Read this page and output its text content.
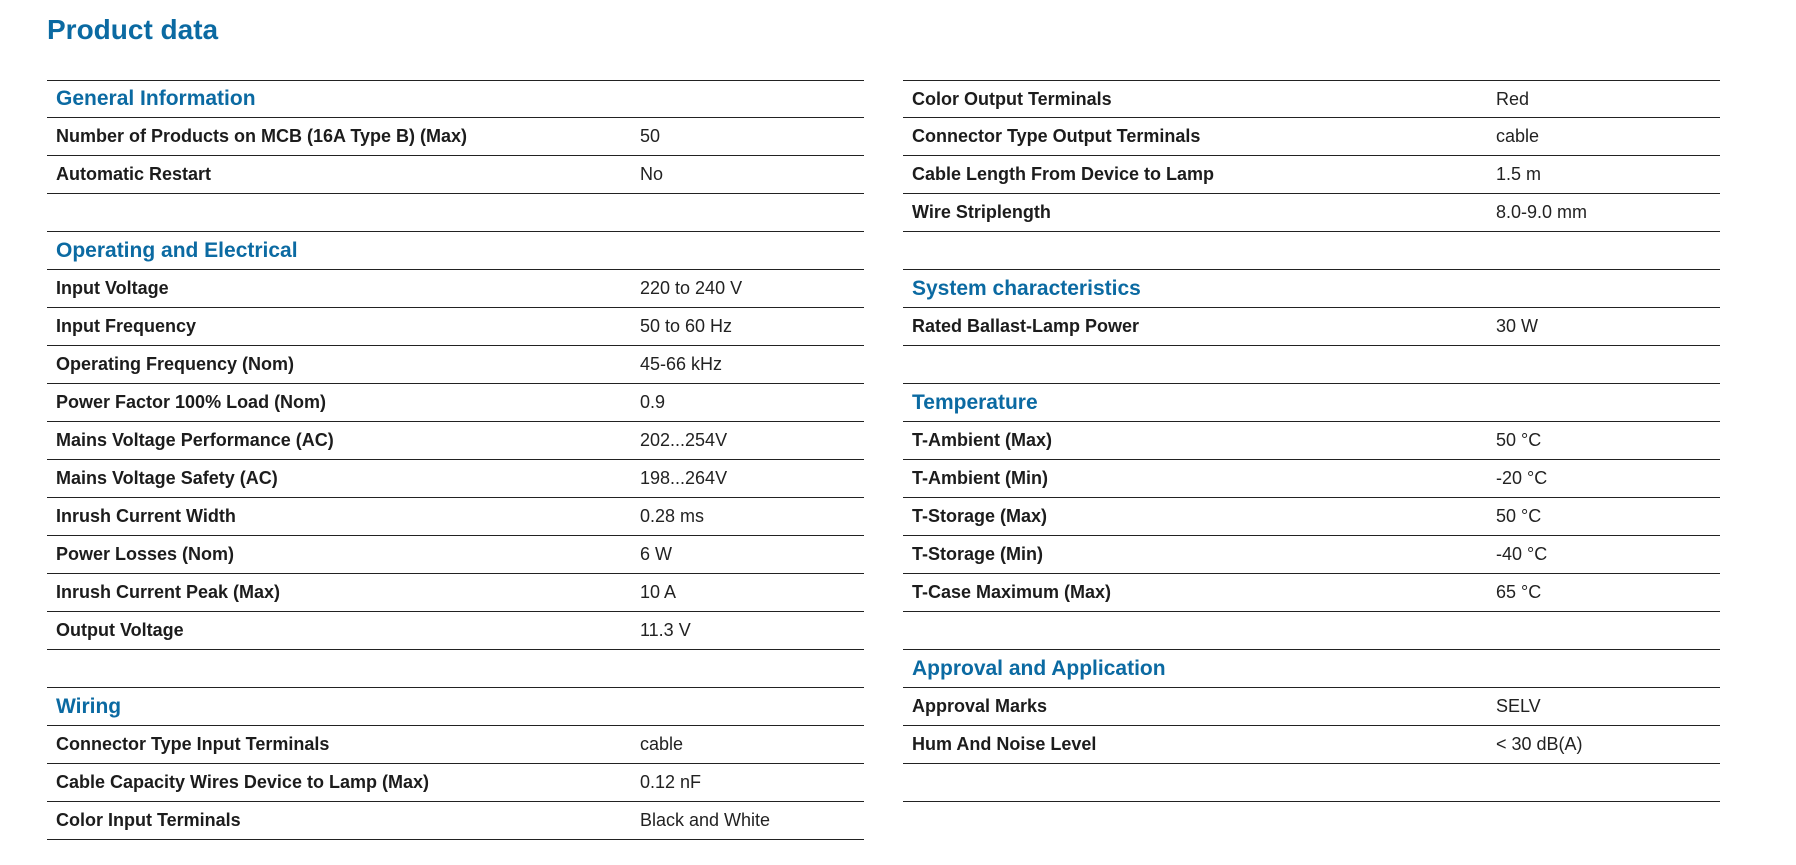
Product data
General Information
Number of Products on MCB (16A Type B) (Max)	50
Automatic Restart	No
Operating and Electrical
Input Voltage	220 to 240 V
Input Frequency	50 to 60 Hz
Operating Frequency (Nom)	45-66 kHz
Power Factor 100% Load (Nom)	0.9
Mains Voltage Performance (AC)	202...254V
Mains Voltage Safety (AC)	198...264V
Inrush Current Width	0.28 ms
Power Losses (Nom)	6 W
Inrush Current Peak (Max)	10 A
Output Voltage	11.3 V
Wiring
Connector Type Input Terminals	cable
Cable Capacity Wires Device to Lamp (Max)	0.12 nF
Color Input Terminals	Black and White
Color Output Terminals	Red
Connector Type Output Terminals	cable
Cable Length From Device to Lamp	1.5 m
Wire Striplength	8.0-9.0 mm
System characteristics
Rated Ballast-Lamp Power	30 W
Temperature
T-Ambient (Max)	50 °C
T-Ambient (Min)	-20 °C
T-Storage (Max)	50 °C
T-Storage (Min)	-40 °C
T-Case Maximum (Max)	65 °C
Approval and Application
Approval Marks	SELV
Hum And Noise Level	< 30 dB(A)
